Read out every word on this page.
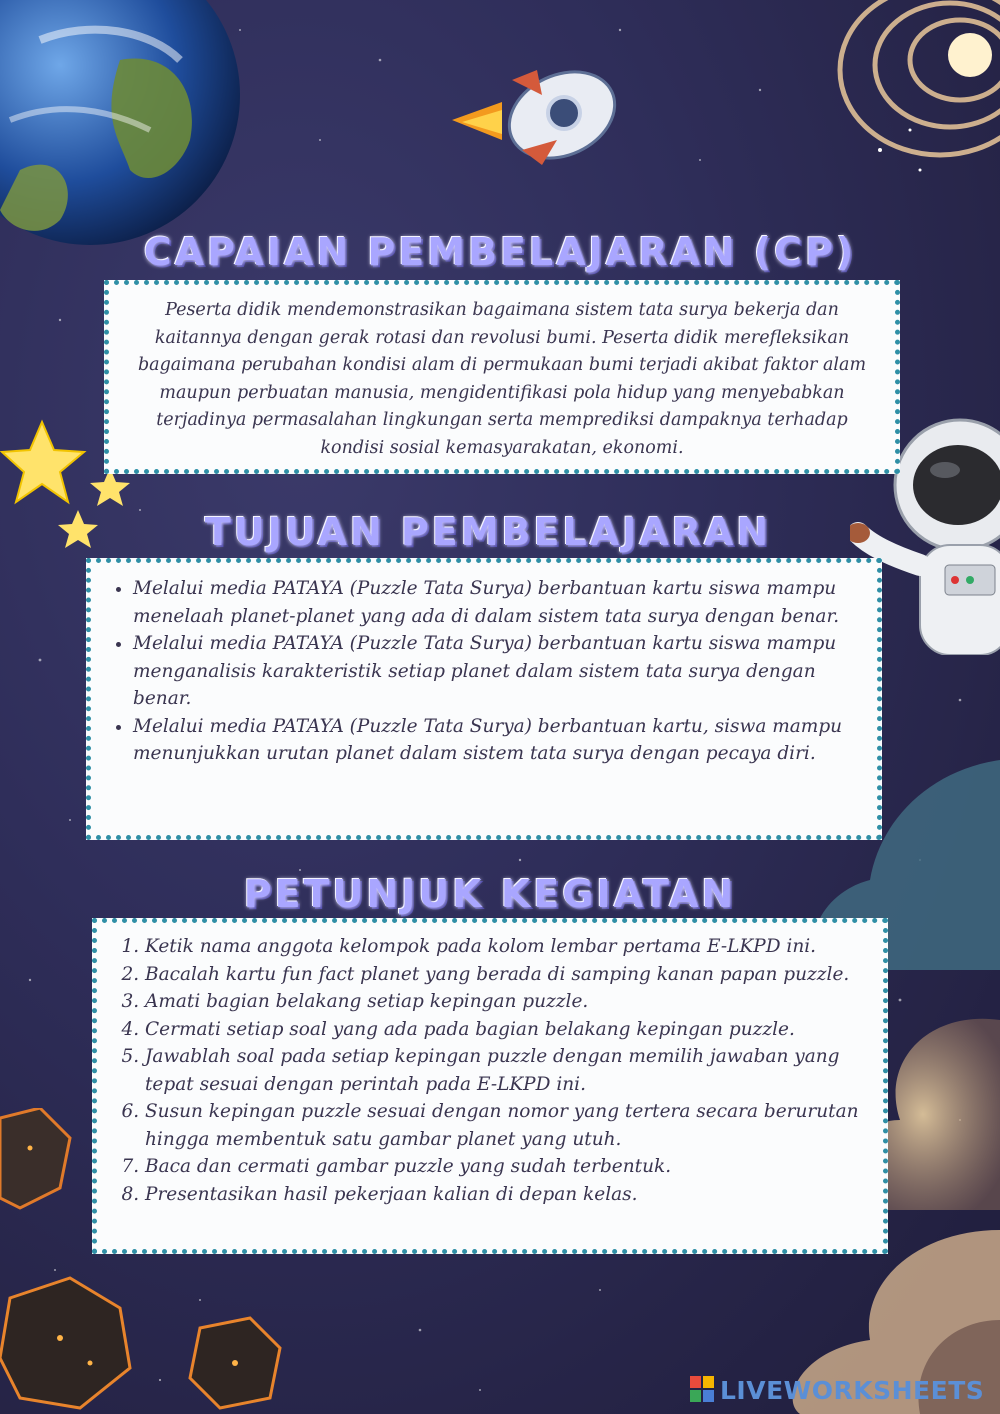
CAPAIAN PEMBELAJARAN (CP)
Peserta didik mendemonstrasikan bagaimana sistem tata surya bekerja dan kaitannya dengan gerak rotasi dan revolusi bumi. Peserta didik merefleksikan bagaimana perubahan kondisi alam di permukaan bumi terjadi akibat faktor alam maupun perbuatan manusia, mengidentifikasi pola hidup yang menyebabkan terjadinya permasalahan lingkungan serta memprediksi dampaknya terhadap kondisi sosial kemasyarakatan, ekonomi.
TUJUAN PEMBELAJARAN
• Melalui media PATAYA (Puzzle Tata Surya) berbantuan kartu siswa mampu menelaah planet-planet yang ada di dalam sistem tata surya dengan benar.
• Melalui media PATAYA (Puzzle Tata Surya) berbantuan kartu siswa mampu menganalisis karakteristik setiap planet dalam sistem tata surya dengan benar.
• Melalui media PATAYA (Puzzle Tata Surya) berbantuan kartu, siswa mampu menunjukkan urutan planet dalam sistem tata surya dengan pecaya diri.
PETUNJUK KEGIATAN
1. Ketik nama anggota kelompok pada kolom lembar pertama E-LKPD ini.
2. Bacalah kartu fun fact planet yang berada di samping kanan papan puzzle.
3. Amati bagian belakang setiap kepingan puzzle.
4. Cermati setiap soal yang ada pada bagian belakang kepingan puzzle.
5. Jawablah soal pada setiap kepingan puzzle dengan memilih jawaban yang tepat sesuai dengan perintah pada E-LKPD ini.
6. Susun kepingan puzzle sesuai dengan nomor yang tertera secara berurutan hingga membentuk satu gambar planet yang utuh.
7. Baca dan cermati gambar puzzle yang sudah terbentuk.
8. Presentasikan hasil pekerjaan kalian di depan kelas.
LIVEWORKSHEETS
